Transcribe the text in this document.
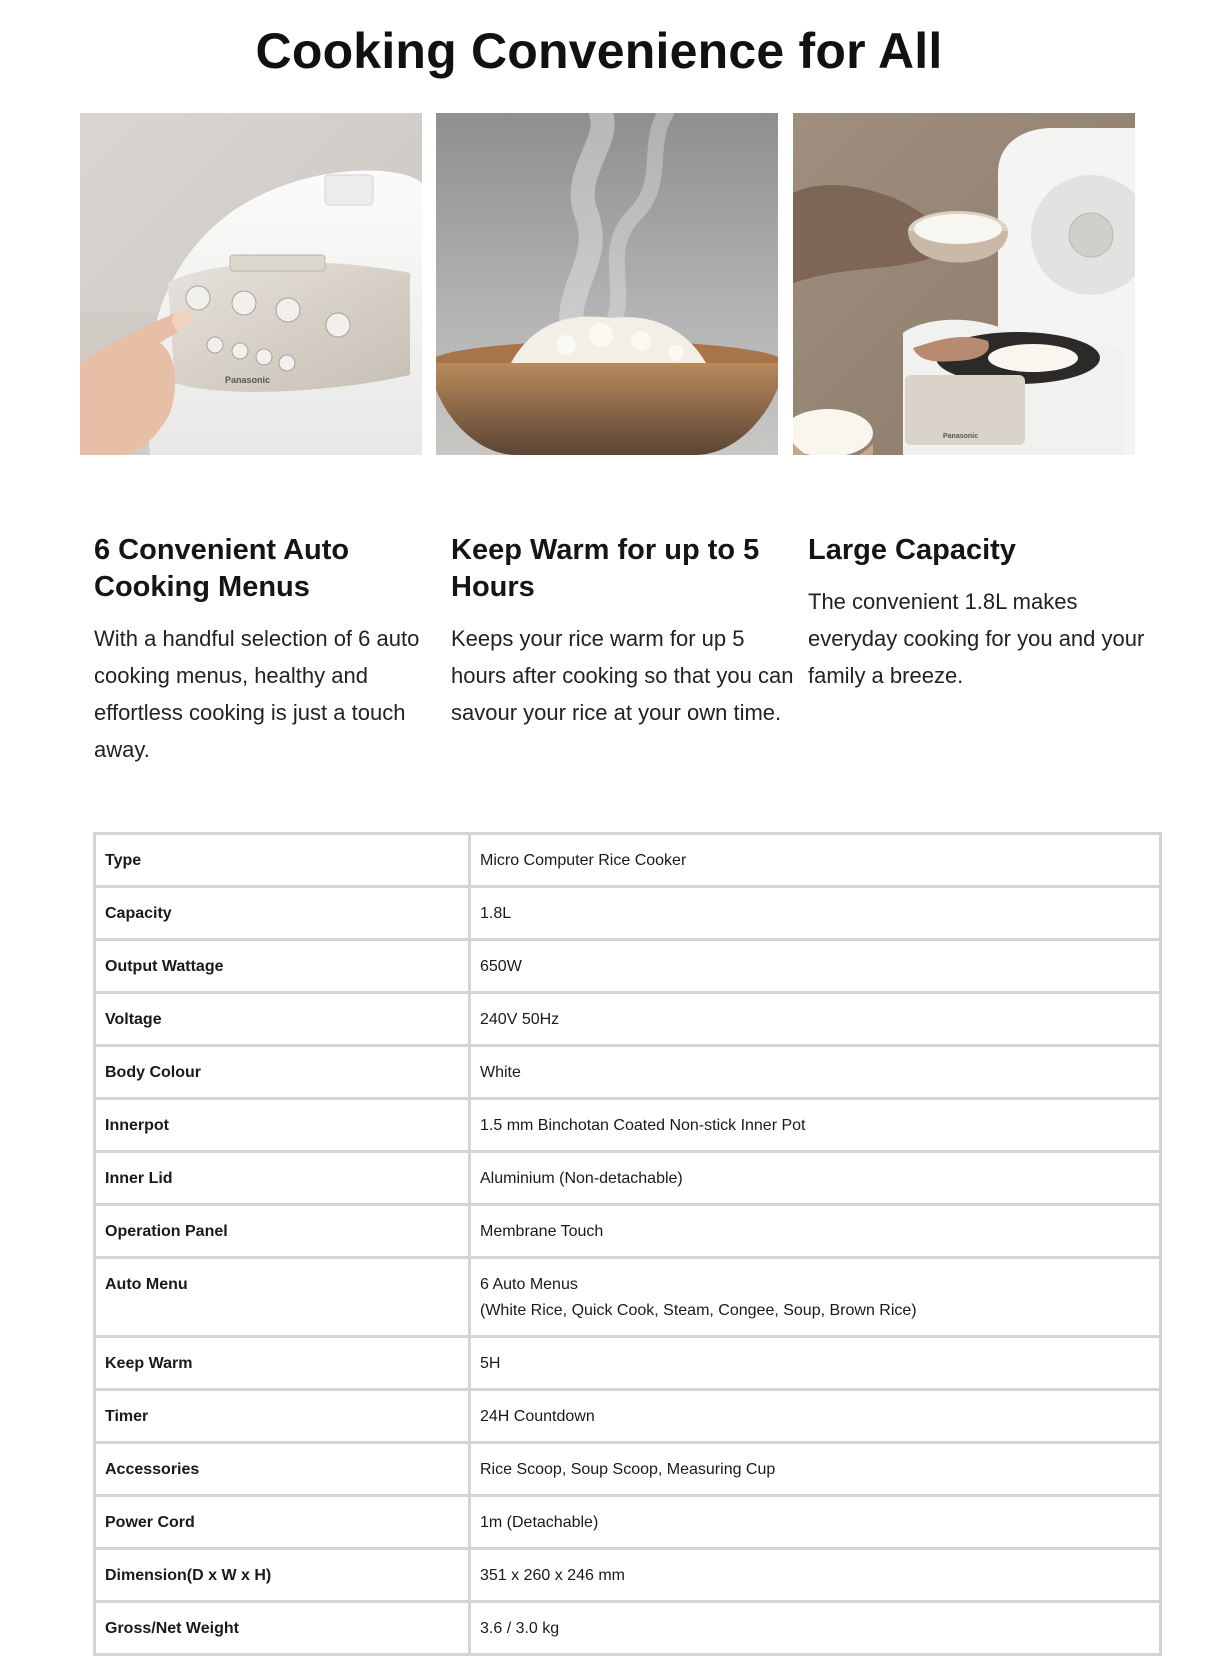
Cooking Convenience for All
Panasonic
Panasonic
6 Convenient Auto Cooking Menus

With a handful selection of 6 auto cooking menus, healthy and effortless cooking is just a touch away.

Keep Warm for up to 5 Hours

Keeps your rice warm for up 5 hours after cooking so that you can savour your rice at your own time.

Large Capacity

The convenient 1.8L makes everyday cooking for you and your family a breeze.

Type	Micro Computer Rice Cooker
Capacity	1.8L
Output Wattage	650W
Voltage	240V 50Hz
Body Colour	White
Innerpot	1.5 mm Binchotan Coated Non-stick Inner Pot
Inner Lid	Aluminium (Non-detachable)
Operation Panel	Membrane Touch
Auto Menu	6 Auto Menus
(White Rice, Quick Cook, Steam, Congee, Soup, Brown Rice)

Keep Warm	5H
Timer	24H Countdown
Accessories	Rice Scoop, Soup Scoop, Measuring Cup
Power Cord	1m (Detachable)
Dimension(D x W x H)	351 x 260 x 246 mm
Gross/Net Weight	3.6 / 3.0 kg
